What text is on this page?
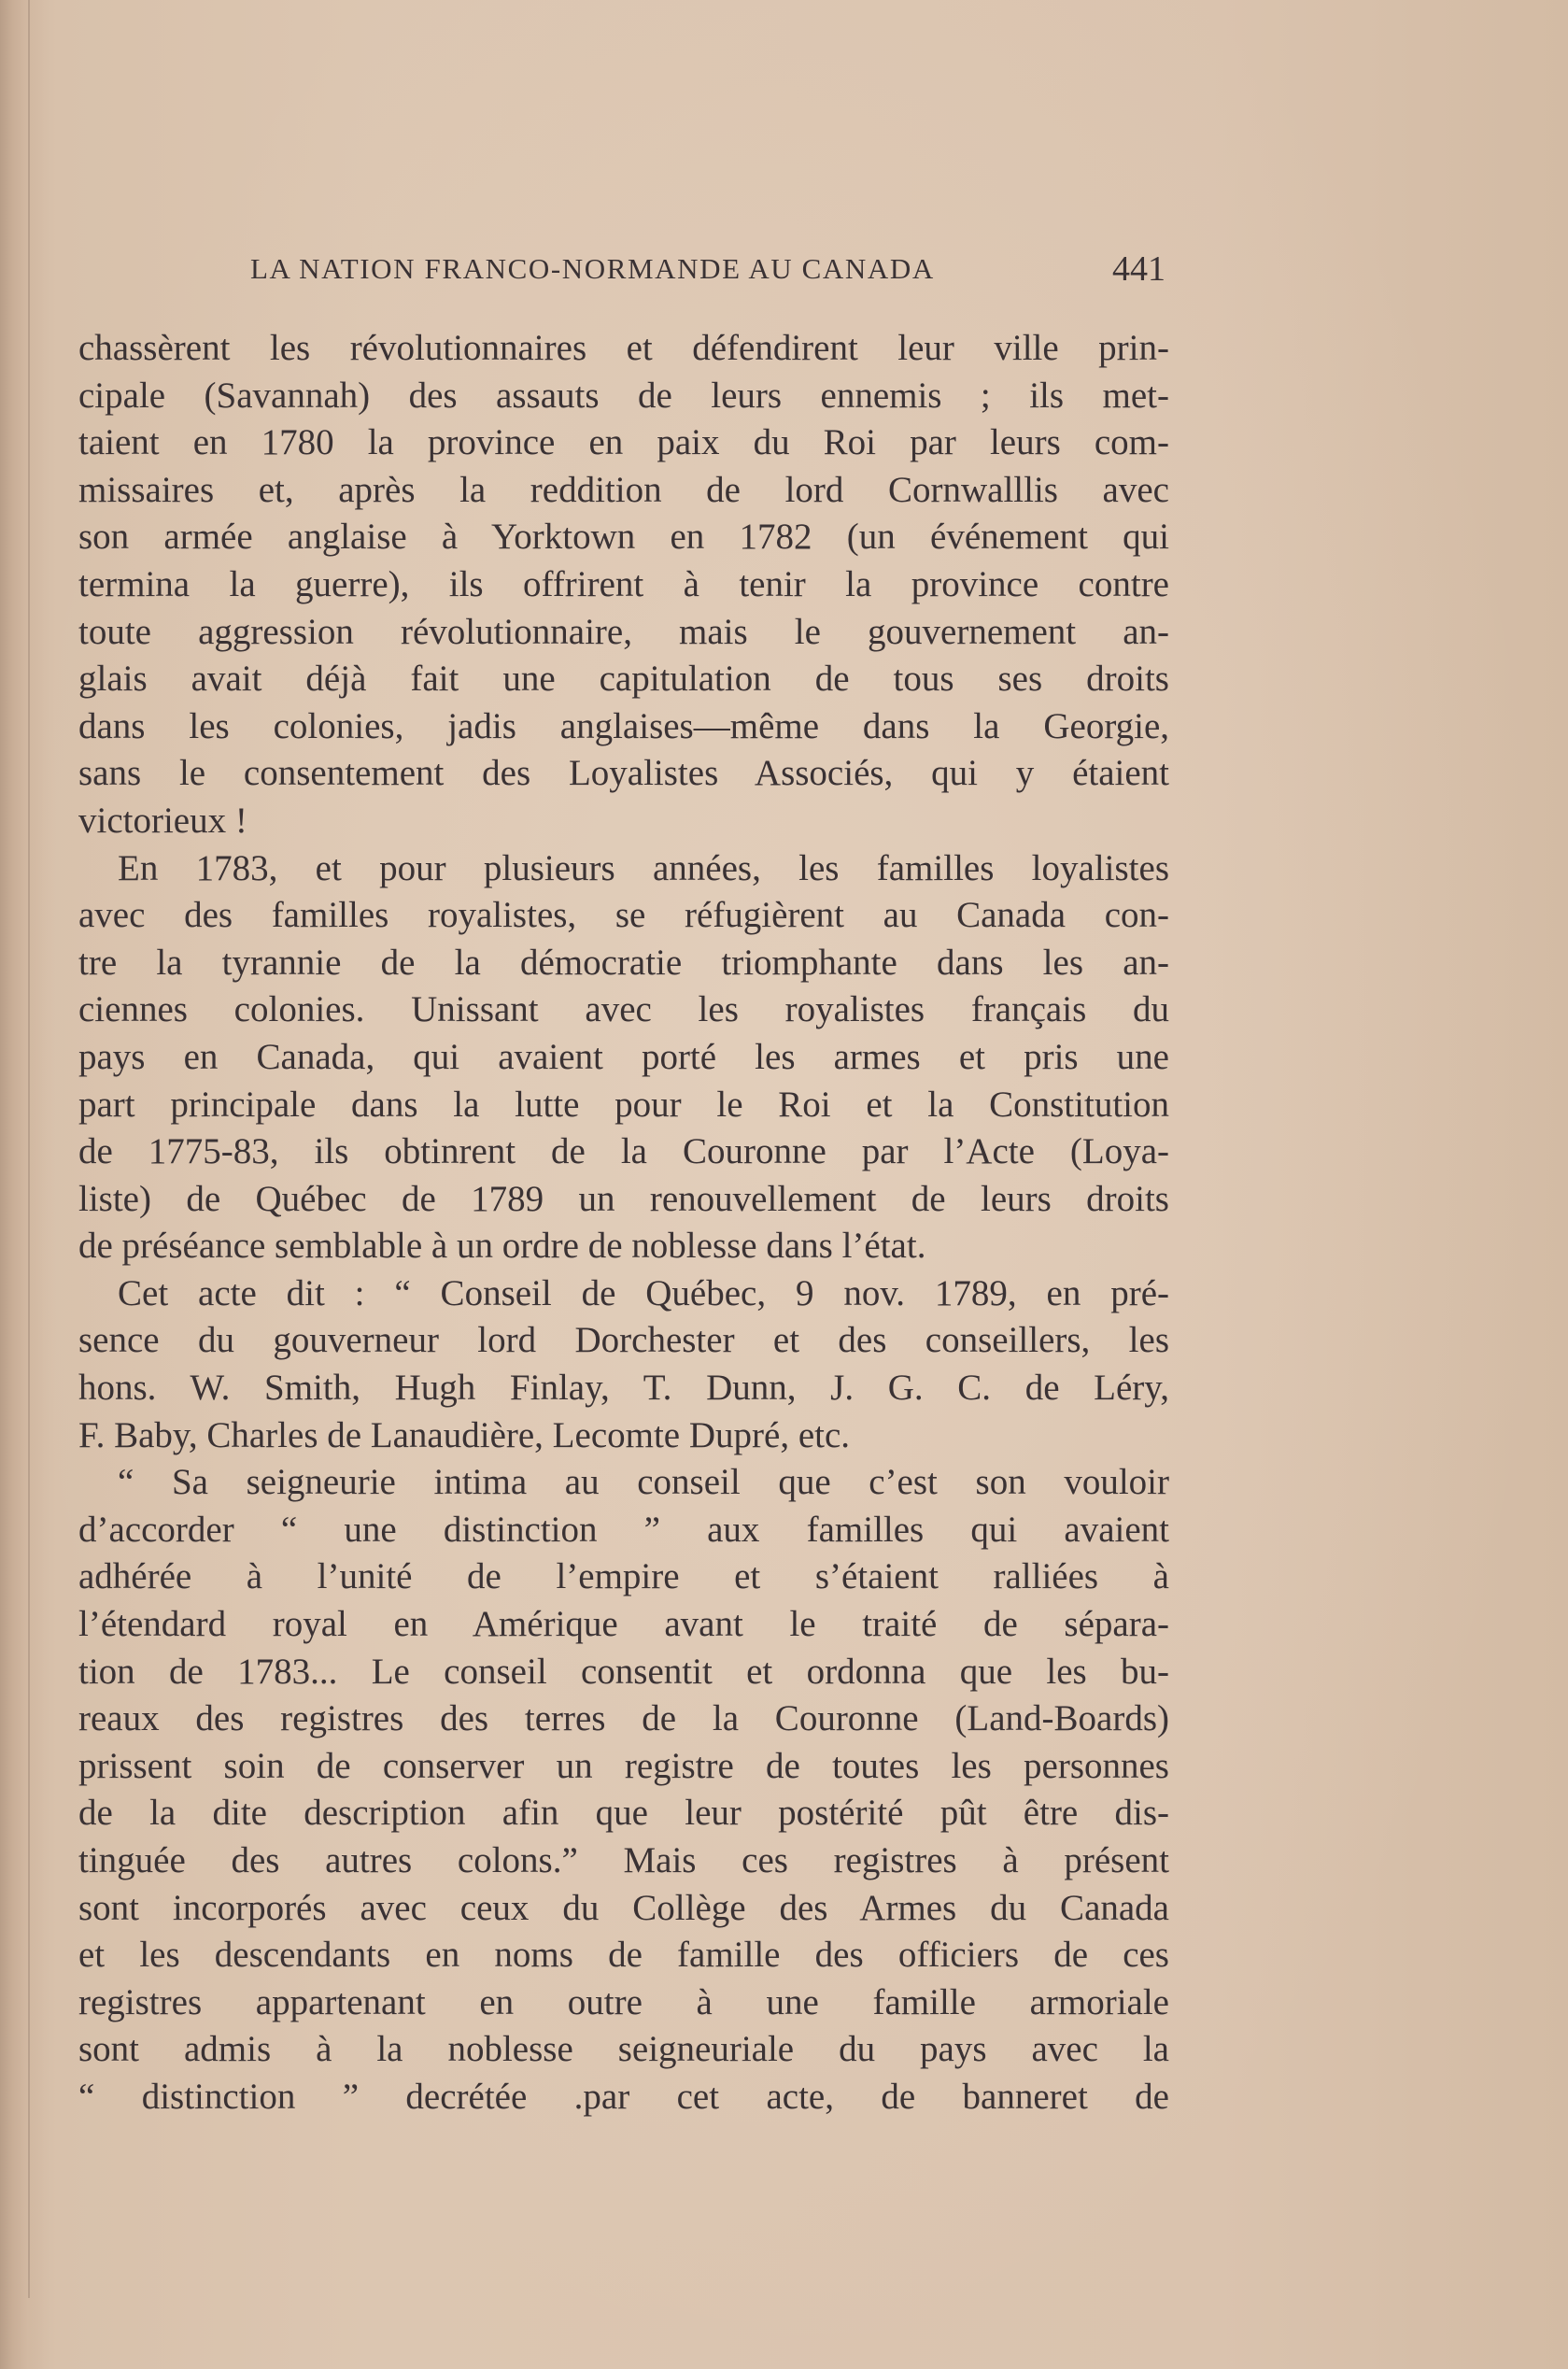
LA NATION FRANCO-NORMANDE AU CANADA	441
chassèrent les révolutionnaires et défendirent leur ville prin-
cipale (Savannah) des assauts de leurs ennemis ; ils met-
taient en 1780 la province en paix du Roi par leurs com-
missaires et, après la reddition de lord Cornwalllis avec
son armée anglaise à Yorktown en 1782 (un événement qui
termina la guerre), ils offrirent à tenir la province contre
toute aggression révolutionnaire, mais le gouvernement an-
glais avait déjà fait une capitulation de tous ses droits
dans les colonies, jadis anglaises—même dans la Georgie,
sans le consentement des Loyalistes Associés, qui y étaient
victorieux !
En 1783, et pour plusieurs années, les familles loyalistes
avec des familles royalistes, se réfugièrent au Canada con-
tre la tyrannie de la démocratie triomphante dans les an-
ciennes colonies. Unissant avec les royalistes français du
pays en Canada, qui avaient porté les armes et pris une
part principale dans la lutte pour le Roi et la Constitution
de 1775-83, ils obtinrent de la Couronne par l’Acte (Loya-
liste) de Québec de 1789 un renouvellement de leurs droits
de préséance semblable à un ordre de noblesse dans l’état.
Cet acte dit : “ Conseil de Québec, 9 nov. 1789, en pré-
sence du gouverneur lord Dorchester et des conseillers, les
hons. W. Smith, Hugh Finlay, T. Dunn, J. G. C. de Léry,
F. Baby, Charles de Lanaudière, Lecomte Dupré, etc.
“ Sa seigneurie intima au conseil que c’est son vouloir
d’accorder “ une distinction ” aux familles qui avaient
adhérée à l’unité de l’empire et s’étaient ralliées à
l’étendard royal en Amérique avant le traité de sépara-
tion de 1783... Le conseil consentit et ordonna que les bu-
reaux des registres des terres de la Couronne (Land-Boards)
prissent soin de conserver un registre de toutes les personnes
de la dite description afin que leur postérité pût être dis-
tinguée des autres colons.” Mais ces registres à présent
sont incorporés avec ceux du Collège des Armes du Canada
et les descendants en noms de famille des officiers de ces
registres appartenant en outre à une famille armoriale
sont admis à la noblesse seigneuriale du pays avec la
“ distinction ” decrétée .par cet acte, de banneret de
